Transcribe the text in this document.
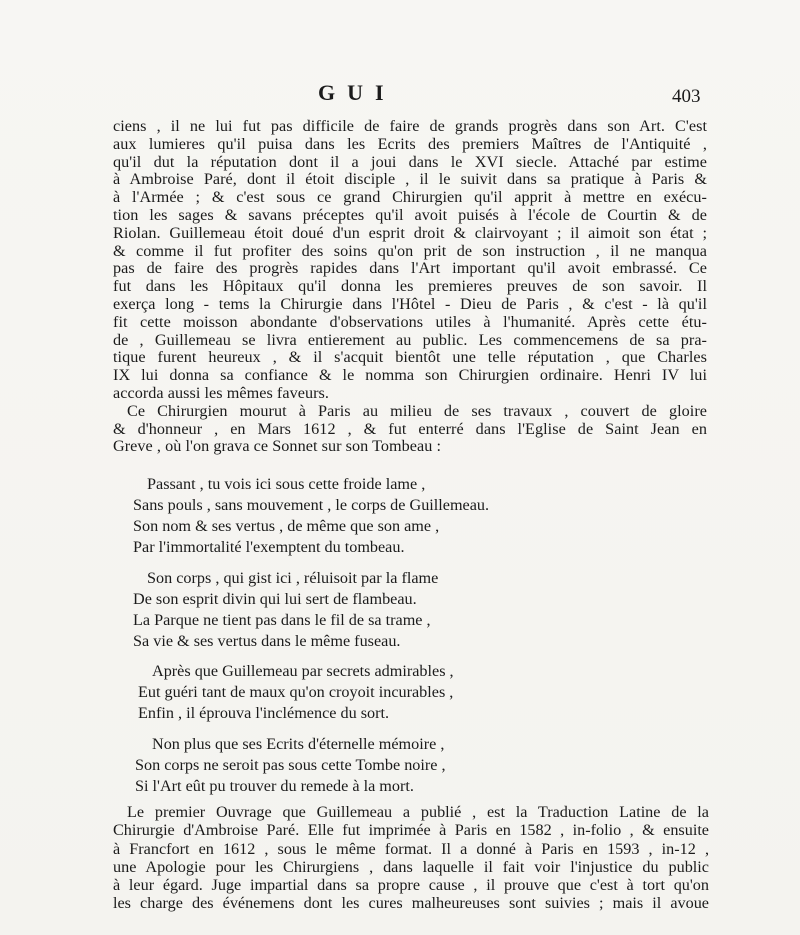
GUI	403
ciens , il ne lui fut pas difficile de faire de grands progrès dans son Art. C'est
aux lumieres qu'il puisa dans les Ecrits des premiers Maîtres de l'Antiquité ,
qu'il dut la réputation dont il a joui dans le XVI siecle. Attaché par estime
à Ambroise Paré, dont il étoit disciple , il le suivit dans sa pratique à Paris &
à l'Armée ; & c'est sous ce grand Chirurgien qu'il apprit à mettre en exécu-
tion les sages & savans préceptes qu'il avoit puisés à l'école de Courtin & de
Riolan. Guillemeau étoit doué d'un esprit droit & clairvoyant ; il aimoit son état ;
& comme il fut profiter des soins qu'on prit de son instruction , il ne manqua
pas de faire des progrès rapides dans l'Art important qu'il avoit embrassé. Ce
fut dans les Hôpitaux qu'il donna les premieres preuves de son savoir. Il
exerça long - tems la Chirurgie dans l'Hôtel - Dieu de Paris , & c'est - là qu'il
fit cette moisson abondante d'observations utiles à l'humanité. Après cette étu-
de , Guillemeau se livra entierement au public. Les commencemens de sa pra-
tique furent heureux , & il s'acquit bientôt une telle réputation , que Charles
IX lui donna sa confiance & le nomma son Chirurgien ordinaire. Henri IV lui
accorda aussi les mêmes faveurs.
Ce Chirurgien mourut à Paris au milieu de ses travaux , couvert de gloire
& d'honneur , en Mars 1612 , & fut enterré dans l'Eglise de Saint Jean en
Greve , où l'on grava ce Sonnet sur son Tombeau :
Passant , tu vois ici sous cette froide lame ,
Sans pouls , sans mouvement , le corps de Guillemeau.
Son nom & ses vertus , de même que son ame ,
Par l'immortalité l'exemptent du tombeau.
Son corps , qui gist ici , réluisoit par la flame
De son esprit divin qui lui sert de flambeau.
La Parque ne tient pas dans le fil de sa trame ,
Sa vie & ses vertus dans le même fuseau.
Après que Guillemeau par secrets admirables ,
Eut guéri tant de maux qu'on croyoit incurables ,
Enfin , il éprouva l'inclémence du sort.
Non plus que ses Ecrits d'éternelle mémoire ,
Son corps ne seroit pas sous cette Tombe noire ,
Si l'Art eût pu trouver du remede à la mort.
Le premier Ouvrage que Guillemeau a publié , est la Traduction Latine de la
Chirurgie d'Ambroise Paré. Elle fut imprimée à Paris en 1582 , in-folio , & ensuite
à Francfort en 1612 , sous le même format. Il a donné à Paris en 1593 , in-12 ,
une Apologie pour les Chirurgiens , dans laquelle il fait voir l'injustice du public
à leur égard. Juge impartial dans sa propre cause , il prouve que c'est à tort qu'on
les charge des événemens dont les cures malheureuses sont suivies ; mais il avoue
